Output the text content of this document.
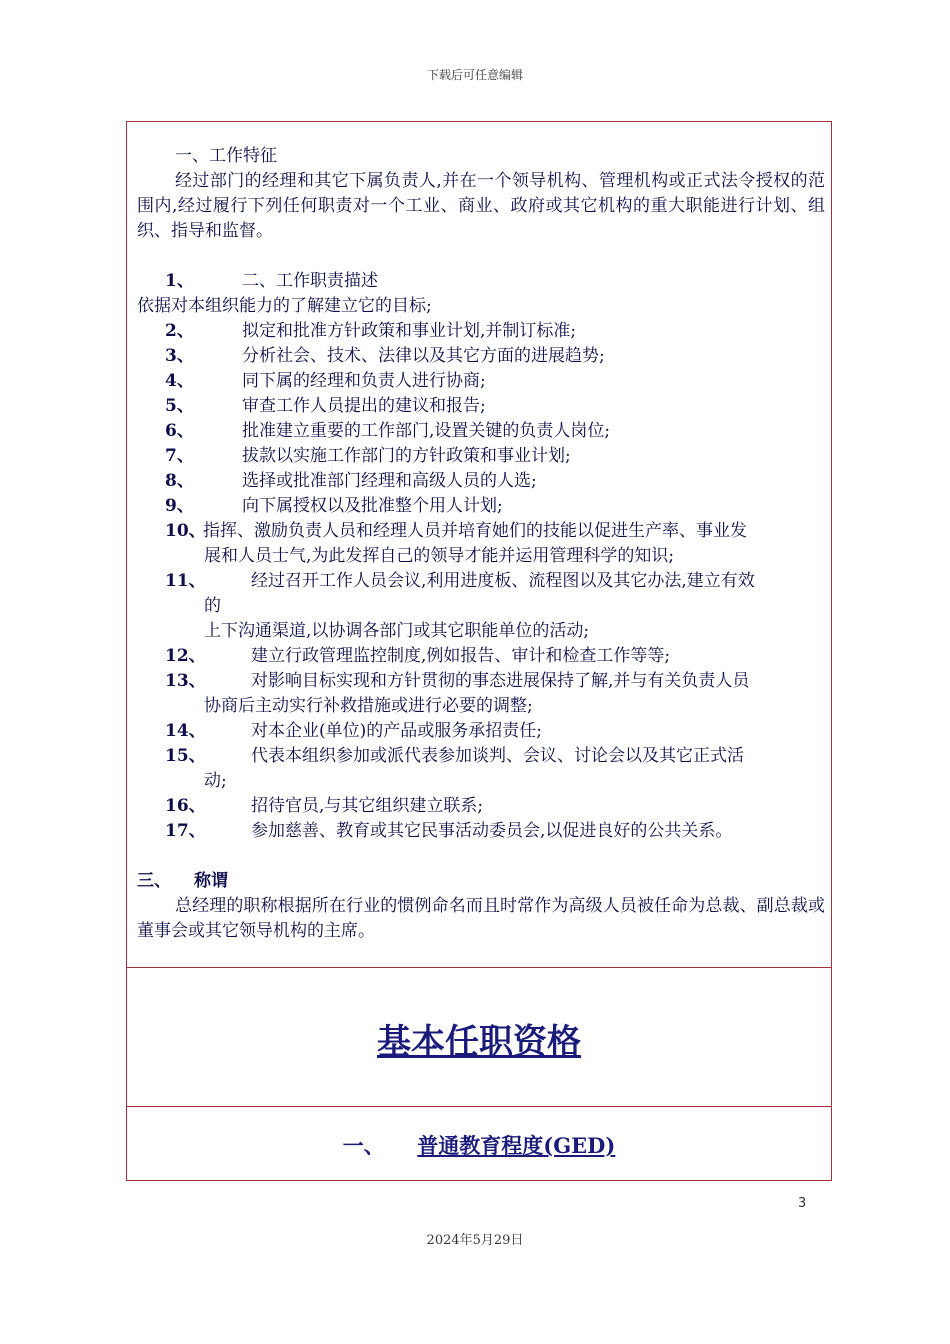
下载后可任意编辑

一、工作特征

经过部门的经理和其它下属负责人,并在一个领导机构、管理机构或正式法令授权的范围内,经过履行下列任何职责对一个工业、商业、政府或其它机构的重大职能进行计划、组织、指导和监督。

1、	二、工作职责描述

依据对本组织能力的了解建立它的目标;

2、	拟定和批准方针政策和事业计划,并制订标准;
3、	分析社会、技术、法律以及其它方面的进展趋势;
4、	同下属的经理和负责人进行协商;
5、	审查工作人员提出的建议和报告;
6、	批准建立重要的工作部门,设置关键的负责人岗位;
7、	拔款以实施工作部门的方针政策和事业计划;
8、	选择或批准部门经理和高级人员的人选;
9、	向下属授权以及批准整个用人计划;
10、
指挥、激励负责人员和经理人员并培育她们的技能以促进生产率、事业发

展和人员士气,为此发挥自己的领导才能并运用管理科学的知识;

11、	经过召开工作人员会议,利用进度板、流程图以及其它办法,建立有效

的

上下沟通渠道,以协调各部门或其它职能单位的活动;

12、	建立行政管理监控制度,例如报告、审计和检查工作等等;
13、	对影响目标实现和方针贯彻的事态进展保持了解,并与有关负责人员

协商后主动实行补救措施或进行必要的调整;

14、	对本企业(单位)的产品或服务承招责任;
15、	代表本组织参加或派代表参加谈判、会议、讨论会以及其它正式活

动;

16、	招待官员,与其它组织建立联系;
17、	参加慈善、教育或其它民事活动委员会,以促进良好的公共关系。
三、	称谓

总经理的职称根据所在行业的惯例命名而且时常作为高级人员被任命为总裁、副总裁或董事会或其它领导机构的主席。

基本任职资格
一、 普通教育程度(GED)
3
2024年5月29日
